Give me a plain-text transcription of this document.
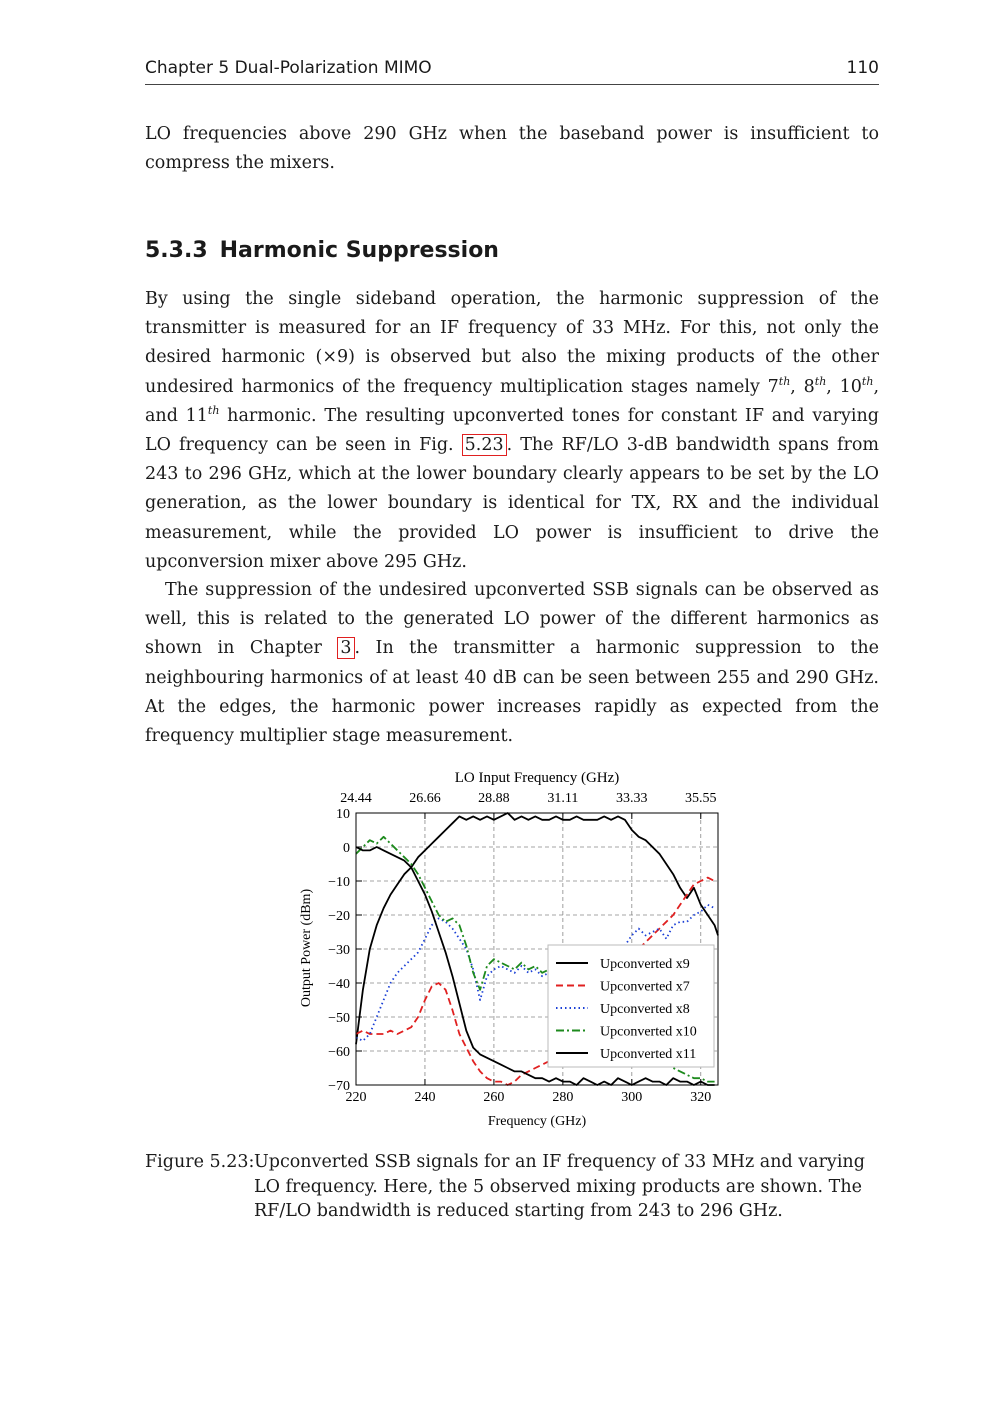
Chapter 5 Dual-Polarization MIMO	110

LO frequencies above 290 GHz when the baseband power is insufficient to compress the mixers.

5.3.3 Harmonic Suppression

By using the single sideband operation, the harmonic suppression of the transmitter is measured for an IF frequency of 33 MHz. For this, not only the desired harmonic (×9) is observed but also the mixing products of the other undesired harmonics of the frequency multiplication stages namely 7th, 8th, 10th, and 11th harmonic. The resulting upconverted tones for constant IF and varying LO frequency can be seen in Fig. 5.23 . The RF/LO 3-dB bandwidth spans from 243 to 296 GHz, which at the lower boundary clearly appears to be set by the LO generation, as the lower boundary is identical for TX, RX and the individual measurement, while the provided LO power is insufficient to drive the upconversion mixer above 295 GHz.

The suppression of the undesired upconverted SSB signals can be observed as well, this is related to the generated LO power of the different harmonics as shown in Chapter 3 . In the transmitter a harmonic suppression to the neighbouring harmonics of at least 40 dB can be seen between 255 and 290 GHz. At the edges, the harmonic power increases rapidly as expected from the frequency multiplier stage measurement.

220	240	260	280	300	320
10
0
−10
−20
−30
−40
−50
−60
−70
24.44	26.66	28.88	31.11	33.33	35.55
LO Input Frequency (GHz)
Frequency (GHz)
Output Power (dBm)	Upconverted x9
Upconverted x7
Upconverted x8
Upconverted x10
Upconverted x11
Figure 5.23: Upconverted SSB signals for an IF frequency of 33 MHz and varying LO frequency. Here, the 5 observed mixing products are shown. The RF/LO bandwidth is reduced starting from 243 to 296 GHz.
